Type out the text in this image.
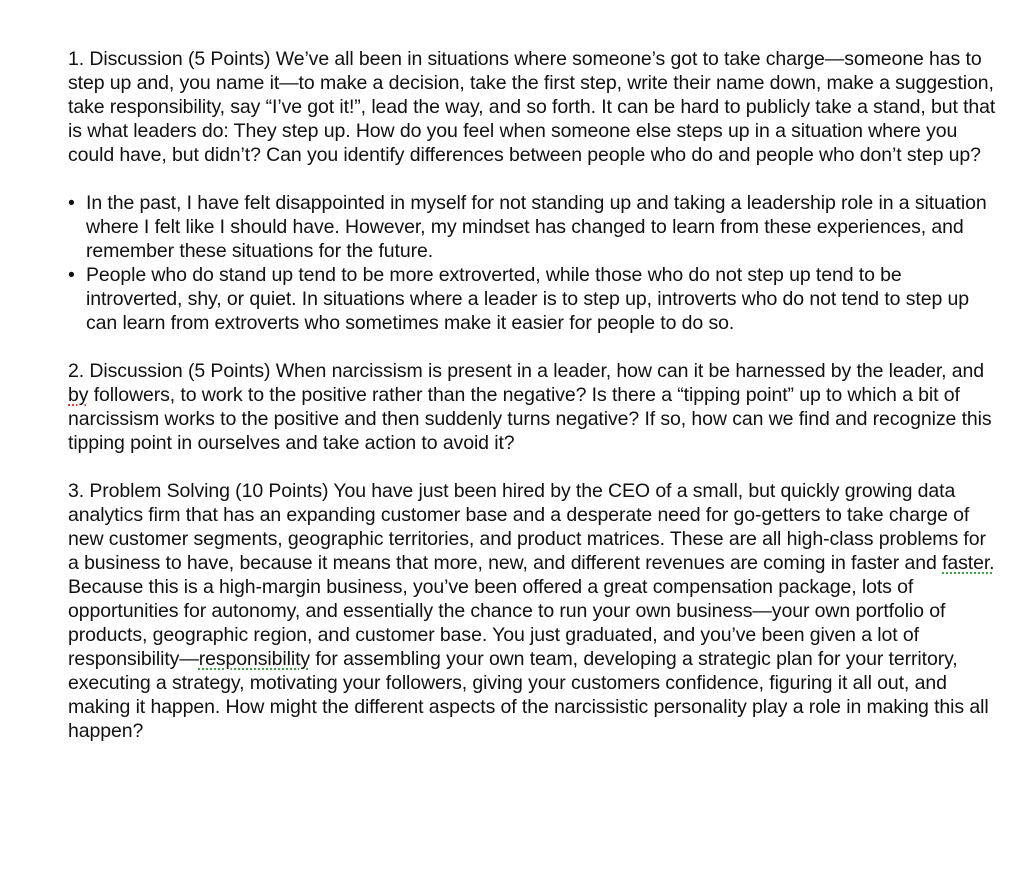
1. Discussion (5 Points) We’ve all been in situations where someone’s got to take charge—someone has to step up and, you name it—to make a decision, take the first step, write their name down, make a suggestion, take responsibility, say “I’ve got it!”, lead the way, and so forth. It can be hard to publicly take a stand, but that is what leaders do: They step up. How do you feel when someone else steps up in a situation where you could have, but didn’t? Can you identify differences between people who do and people who don’t step up?

• In the past, I have felt disappointed in myself for not standing up and taking a leadership role in a situation where I felt like I should have. However, my mindset has changed to learn from these experiences, and remember these situations for the future.
• People who do stand up tend to be more extroverted, while those who do not step up tend to be introverted, shy, or quiet. In situations where a leader is to step up, introverts who do not tend to step up can learn from extroverts who sometimes make it easier for people to do so.

2. Discussion (5 Points) When narcissism is present in a leader, how can it be harnessed by the leader, and by followers, to work to the positive rather than the negative? Is there a “tipping point” up to which a bit of narcissism works to the positive and then suddenly turns negative? If so, how can we find and recognize this tipping point in ourselves and take action to avoid it?

3. Problem Solving (10 Points) You have just been hired by the CEO of a small, but quickly growing data analytics firm that has an expanding customer base and a desperate need for go-getters to take charge of new customer segments, geographic territories, and product matrices. These are all high-class problems for a business to have, because it means that more, new, and different revenues are coming in faster and faster. Because this is a high-margin business, you’ve been offered a great compensation package, lots of opportunities for autonomy, and essentially the chance to run your own business—your own portfolio of products, geographic region, and customer base. You just graduated, and you’ve been given a lot of responsibility—responsibility for assembling your own team, developing a strategic plan for your territory, executing a strategy, motivating your followers, giving your customers confidence, figuring it all out, and making it happen. How might the different aspects of the narcissistic personality play a role in making this all happen?
